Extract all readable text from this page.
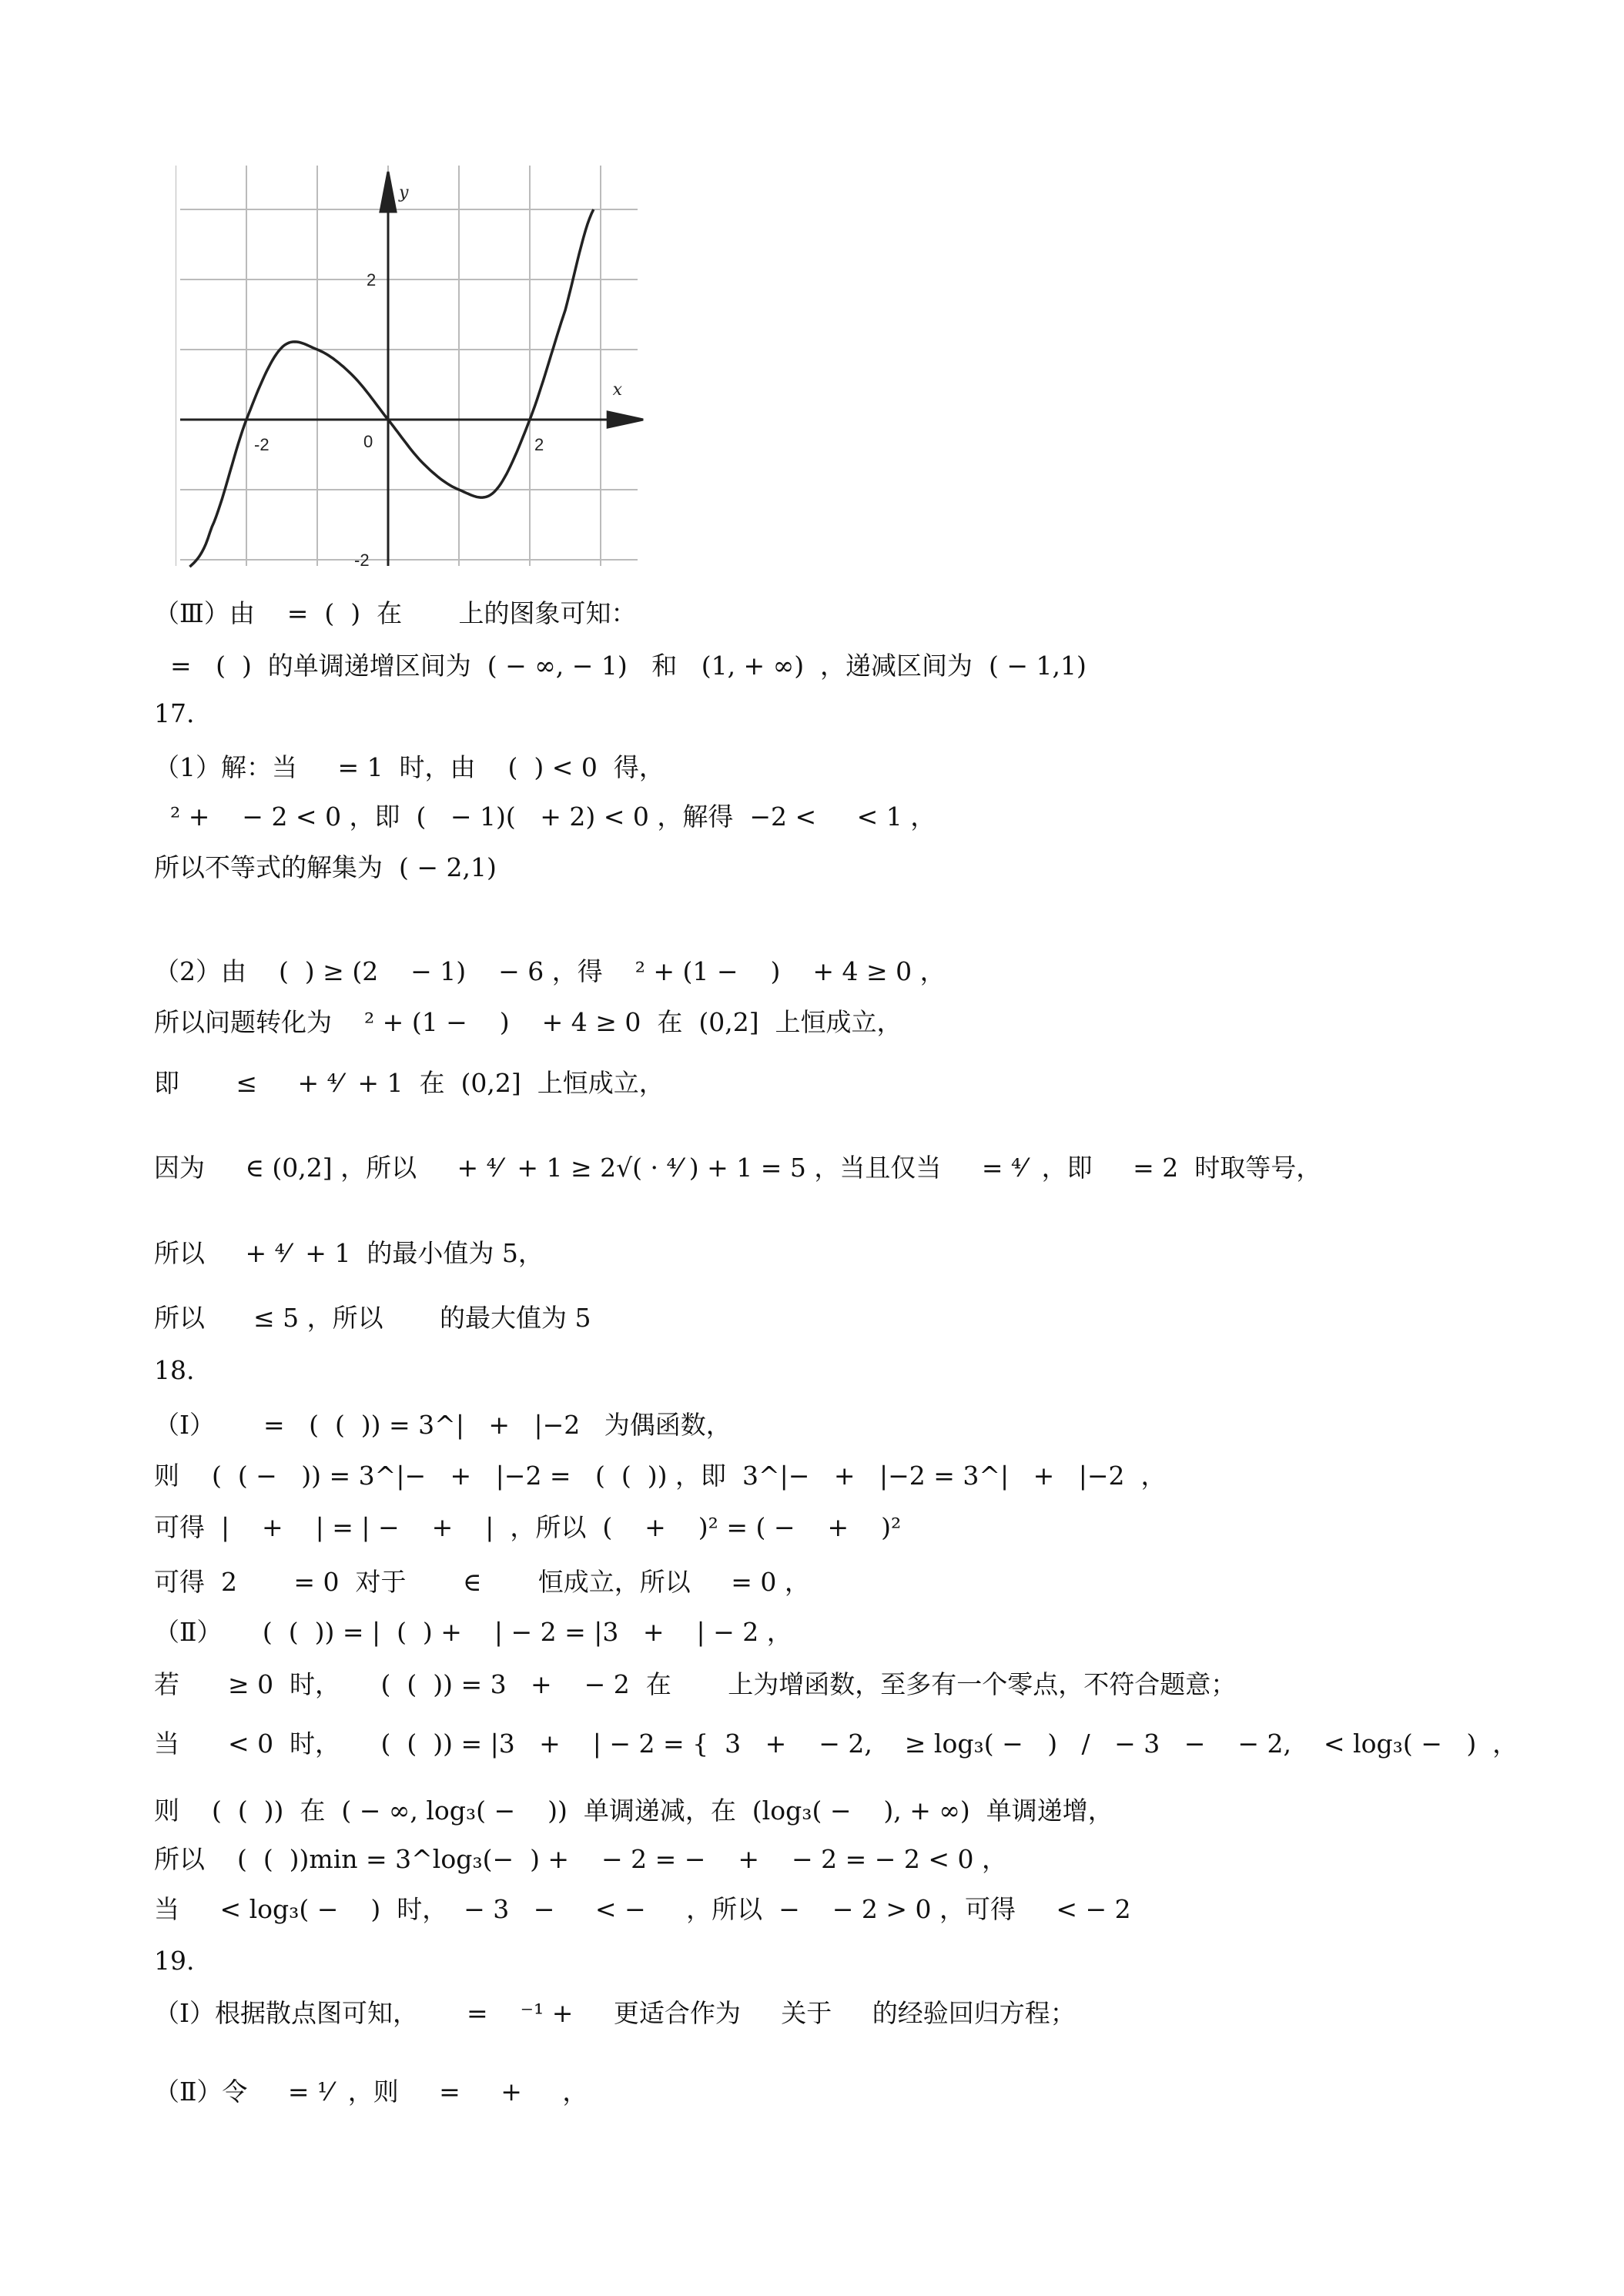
x
y
-2	0	2
2
-2
（Ⅲ）由    =  (  )  在       上的图象可知：
=   (  )  的单调递增区间为  ( − ∞, − 1)   和   (1, + ∞)  ，递减区间为  ( − 1,1)
17.
（1）解：当     = 1  时，由    (  ) < 0  得，
² +    − 2 < 0 ，即  (   − 1)(   + 2) < 0 ，解得  −2 <     < 1 ，
所以不等式的解集为  ( − 2,1)
（2）由    (  ) ≥ (2    − 1)    − 6 ，得    ² + (1 −    )    + 4 ≥ 0 ，
所以问题转化为    ² + (1 −    )    + 4 ≥ 0  在  (0,2]  上恒成立，
即       ≤     + ⁴⁄  + 1  在  (0,2]  上恒成立，
因为     ∈ (0,2] ，所以     + ⁴⁄  + 1 ≥ 2√( · ⁴⁄ ) + 1 = 5 ，当且仅当     = ⁴⁄  ，即     = 2  时取等号，
所以     + ⁴⁄  + 1  的最小值为 5，
所以      ≤ 5 ，所以       的最大值为 5
18.
（Ⅰ）      =   (  (  )) = 3^|   +   |−2   为偶函数，
则    (  ( −   )) = 3^|−   +   |−2 =   (  (  )) ，即  3^|−   +   |−2 = 3^|   +   |−2  ，
可得  |    +    | = | −    +    |  ，所以  (    +    )² = ( −    +    )²
可得  2       = 0  对于       ∈       恒成立，所以     = 0 ，
（Ⅱ）     (  (  )) = |  (  ) +    | − 2 = |3   +    | − 2 ，
若      ≥ 0  时，     (  (  )) = 3   +    − 2  在       上为增函数，至多有一个零点，不符合题意；
当      < 0  时，     (  (  )) = |3   +    | − 2 = {  3   +    − 2,    ≥ log₃( −   )   /   − 3   −    − 2,    < log₃( −   )  ，
则    (  (  ))  在  ( − ∞, log₃( −    ))  单调递减，在  (log₃( −    ), + ∞)  单调递增，
所以    (  (  ))min = 3^log₃(−  ) +    − 2 = −    +    − 2 = − 2 < 0 ，
当     < log₃( −    )  时，  − 3   −     < −     ，所以  −    − 2 > 0 ，可得     < − 2
19.
（Ⅰ）根据散点图可知，      =    ⁻¹ +     更适合作为     关于     的经验回归方程；
（Ⅱ）令     = ¹⁄  ，则     =     +     ，
